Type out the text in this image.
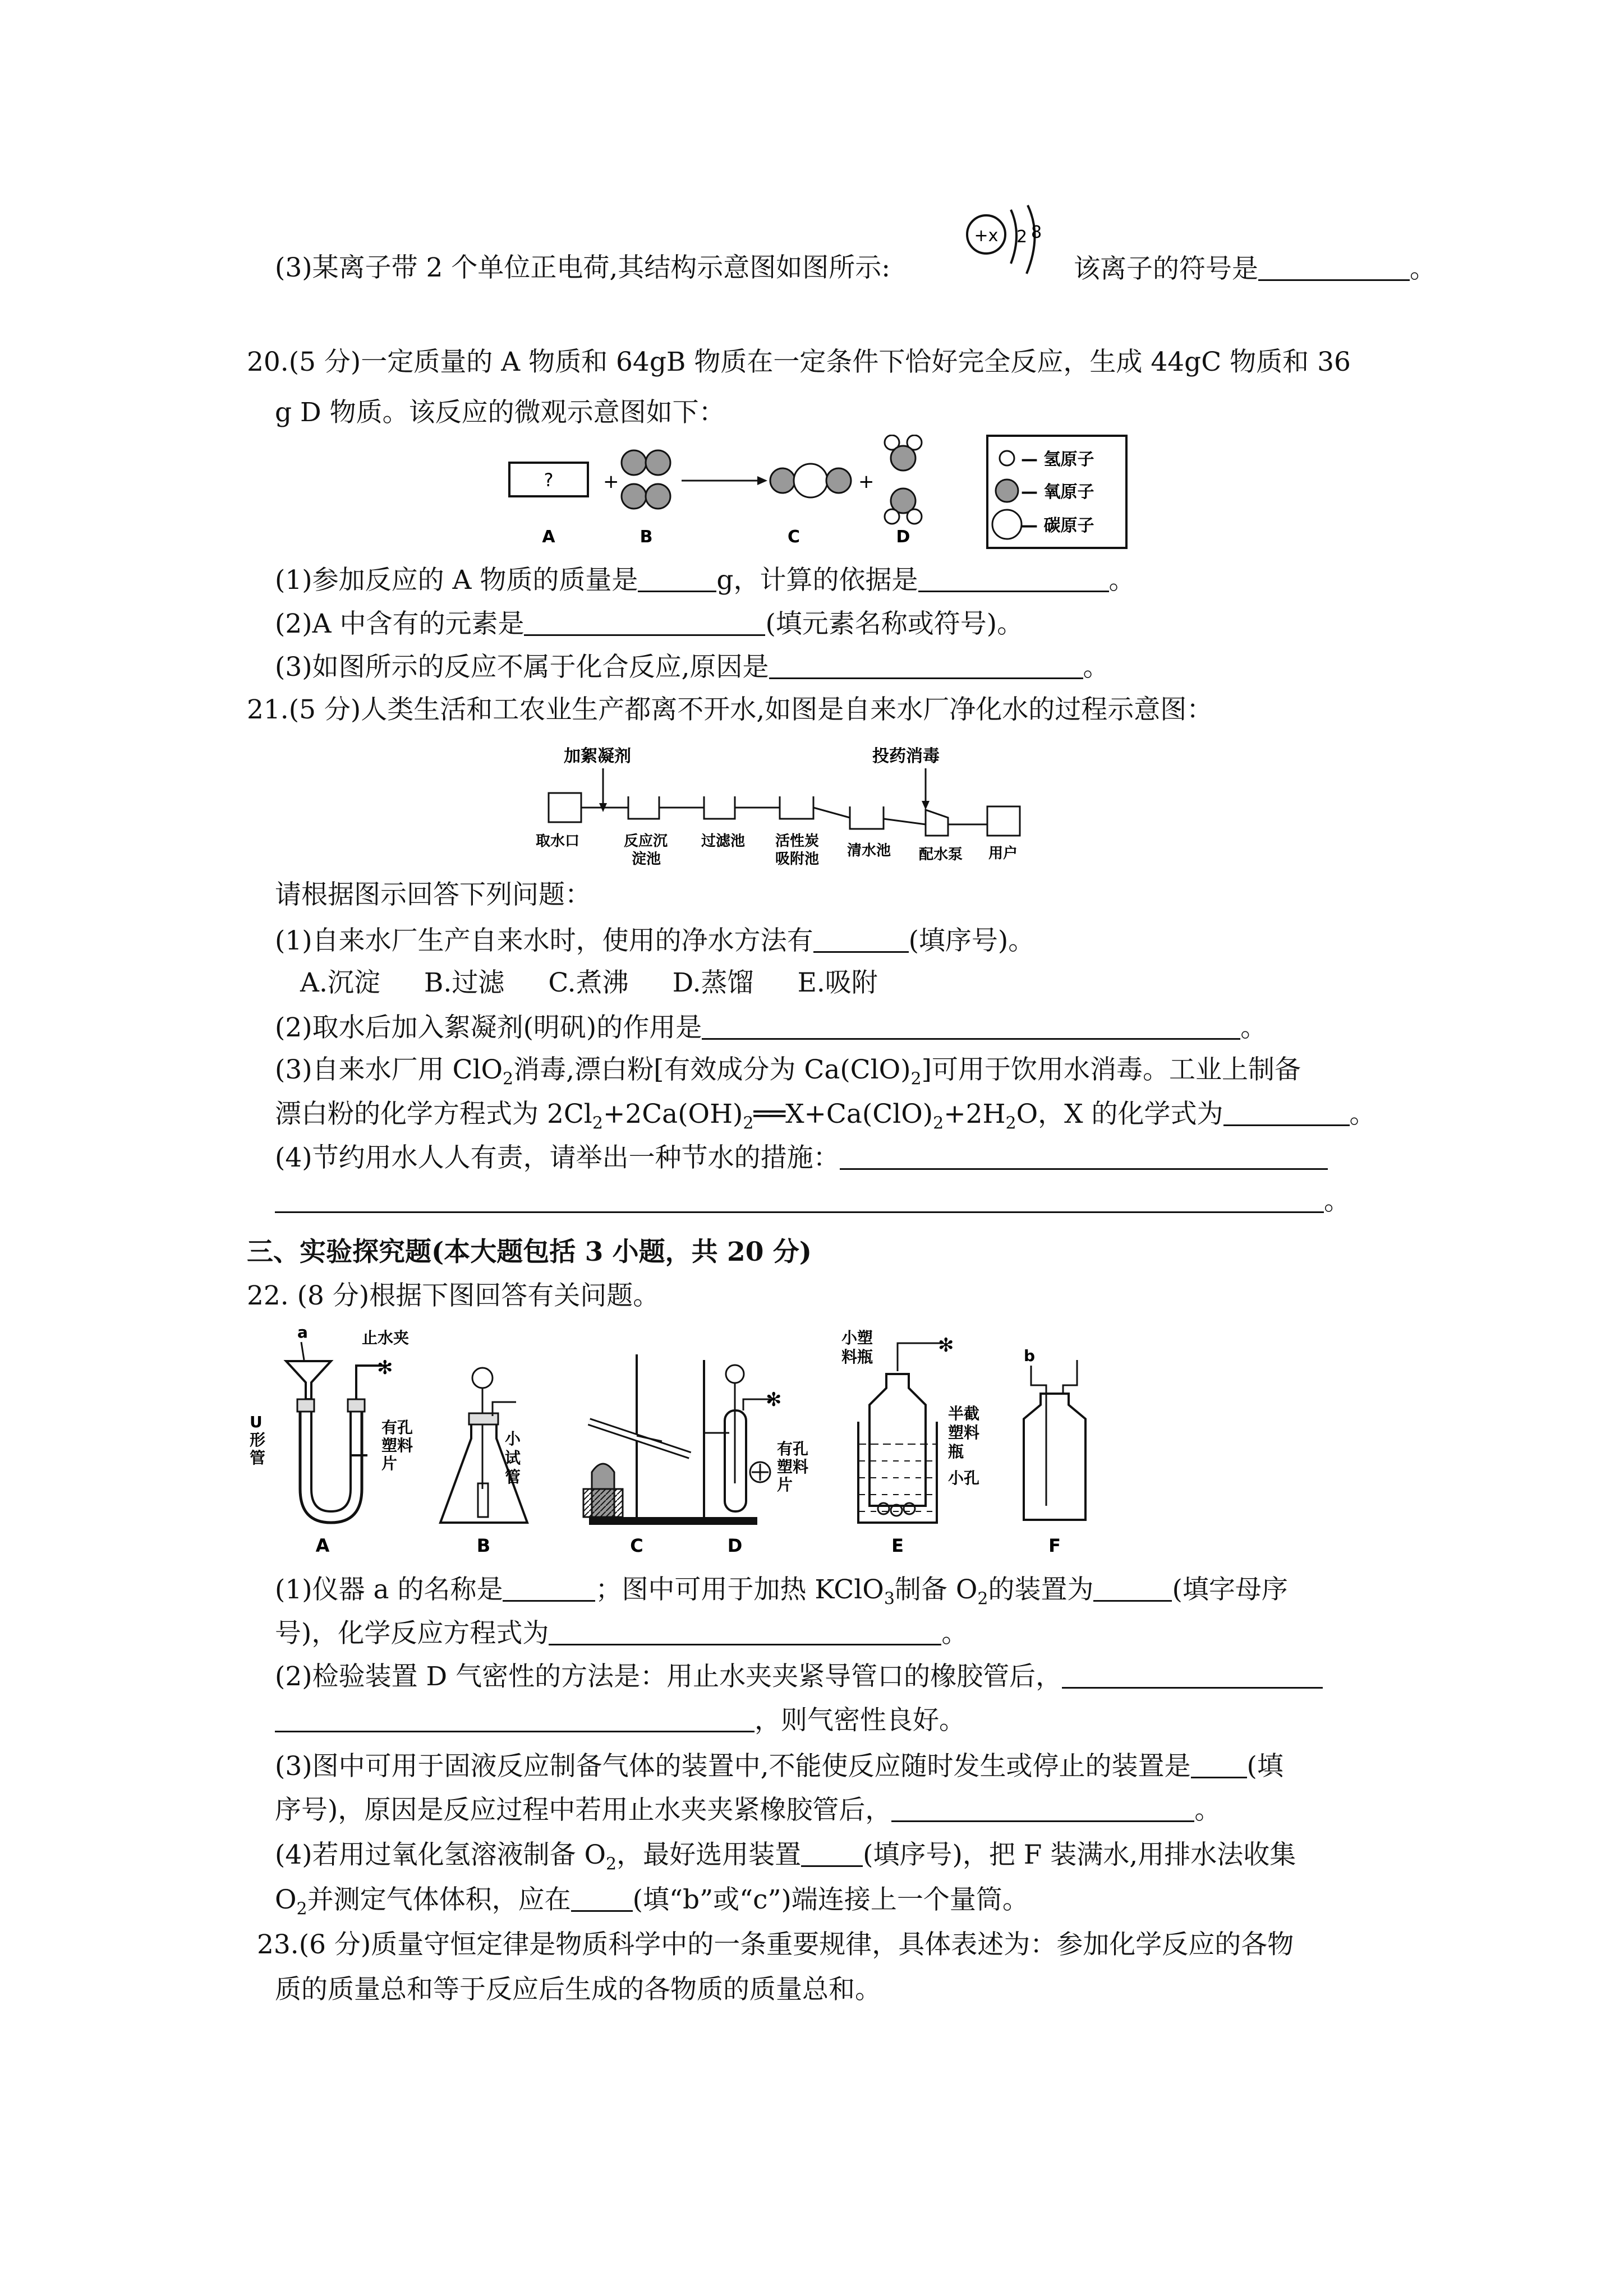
(3)某离子带 2 个单位正电荷,其结构示意图如图所示:
+x 2 8
该离子的符号是	。
20.(5 分)一定质量的 A 物质和 64gB 物质在一定条件下恰好完全反应，生成 44gC 物质和 36
g D 物质。该反应的微观示意图如下：
?	+	+
A	B	C	D
— 氢原子
— 氧原子
— 碳原子
(1)参加反应的 A 物质的质量是	g，计算的依据是	。
(2)A 中含有的元素是	(填元素名称或符号)。
(3)如图所示的反应不属于化合反应,原因是	。
21.(5 分)人类生活和工农业生产都离不开水,如图是自来水厂净化水的过程示意图：
加絮凝剂	投药消毒
取水口	反应沉
淀池
过滤池 活性炭
吸附池 清水池 配水泵 用户
请根据图示回答下列问题：
(1)自来水厂生产自来水时，使用的净水方法有	(填序号)。
A.沉淀 B.过滤 C.煮沸 D.蒸馏 E.吸附
(2)取水后加入絮凝剂(明矾)的作用是	。
(3)自来水厂用 ClO$_2$消毒,漂白粉[有效成分为 $Ca(ClO)_2$]可用于饮用水消毒。工业上制备
漂白粉的化学方程式为 $2Cl_2+2Ca(OH)_2══X+Ca(ClO)_2+2H_2O$，X 的化学式为	。
(4)节约用水人人有责，请举出一种节水的措施：
。
三、实验探究题(本大题包括 3 小题，共 20 分)
22. (8 分)根据下图回答有关问题。
a	止水夹
✻
U
形
管
有孔
塑料
片
A
小
试
管
B	C
✻
有孔
塑料
片
D
小塑
料瓶
✻
半截
塑料
瓶
小孔
E
b
F
(1)仪器 a 的名称是	；图中可用于加热 KClO$_3$制备 $O_2$的装置为	(填字母序
号)，化学反应方程式为	。
(2)检验装置 D 气密性的方法是：用止水夹夹紧导管口的橡胶管后，
，则气密性良好。
(3)图中可用于固液反应制备气体的装置中,不能使反应随时发生或停止的装置是 (填
序号)，原因是反应过程中若用止水夹夹紧橡胶管后，	。
(4)若用过氧化氢溶液制备 $O_2$，最好选用装置 (填序号)，把 F 装满水,用排水法收集
$O_2$并测定气体体积，应在 (填“b”或“c”)端连接上一个量筒。
23.(6 分)质量守恒定律是物质科学中的一条重要规律，具体表述为：参加化学反应的各物
质的质量总和等于反应后生成的各物质的质量总和。
